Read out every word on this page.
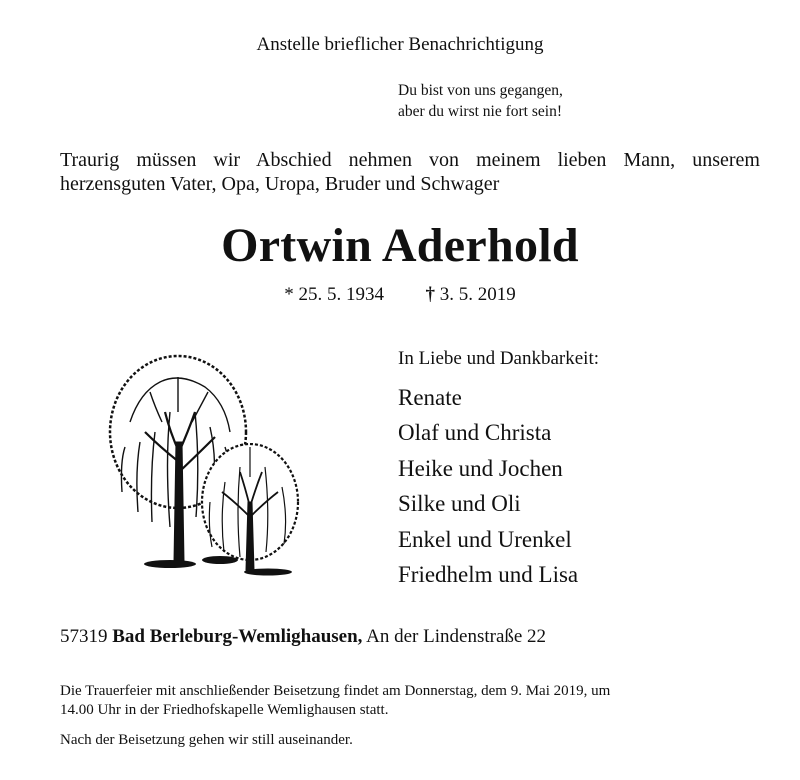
Anstelle brieflicher Benachrichtigung
Du bist von uns gegangen,
aber du wirst nie fort sein!
Traurig müssen wir Abschied nehmen von meinem lieben Mann, unserem
herzensguten Vater, Opa, Uropa, Bruder und Schwager
Ortwin Aderhold
* 25. 5. 1934 † 3. 5. 2019
In Liebe und Dankbarkeit:
Renate
Olaf und Christa
Heike und Jochen
Silke und Oli
Enkel und Urenkel
Friedhelm und Lisa
57319 Bad Berleburg-Wemlighausen, An der Lindenstraße 22
Die Trauerfeier mit anschließender Beisetzung findet am Donnerstag, dem 9. Mai 2019, um
14.00 Uhr in der Friedhofskapelle Wemlighausen statt.
Nach der Beisetzung gehen wir still auseinander.
